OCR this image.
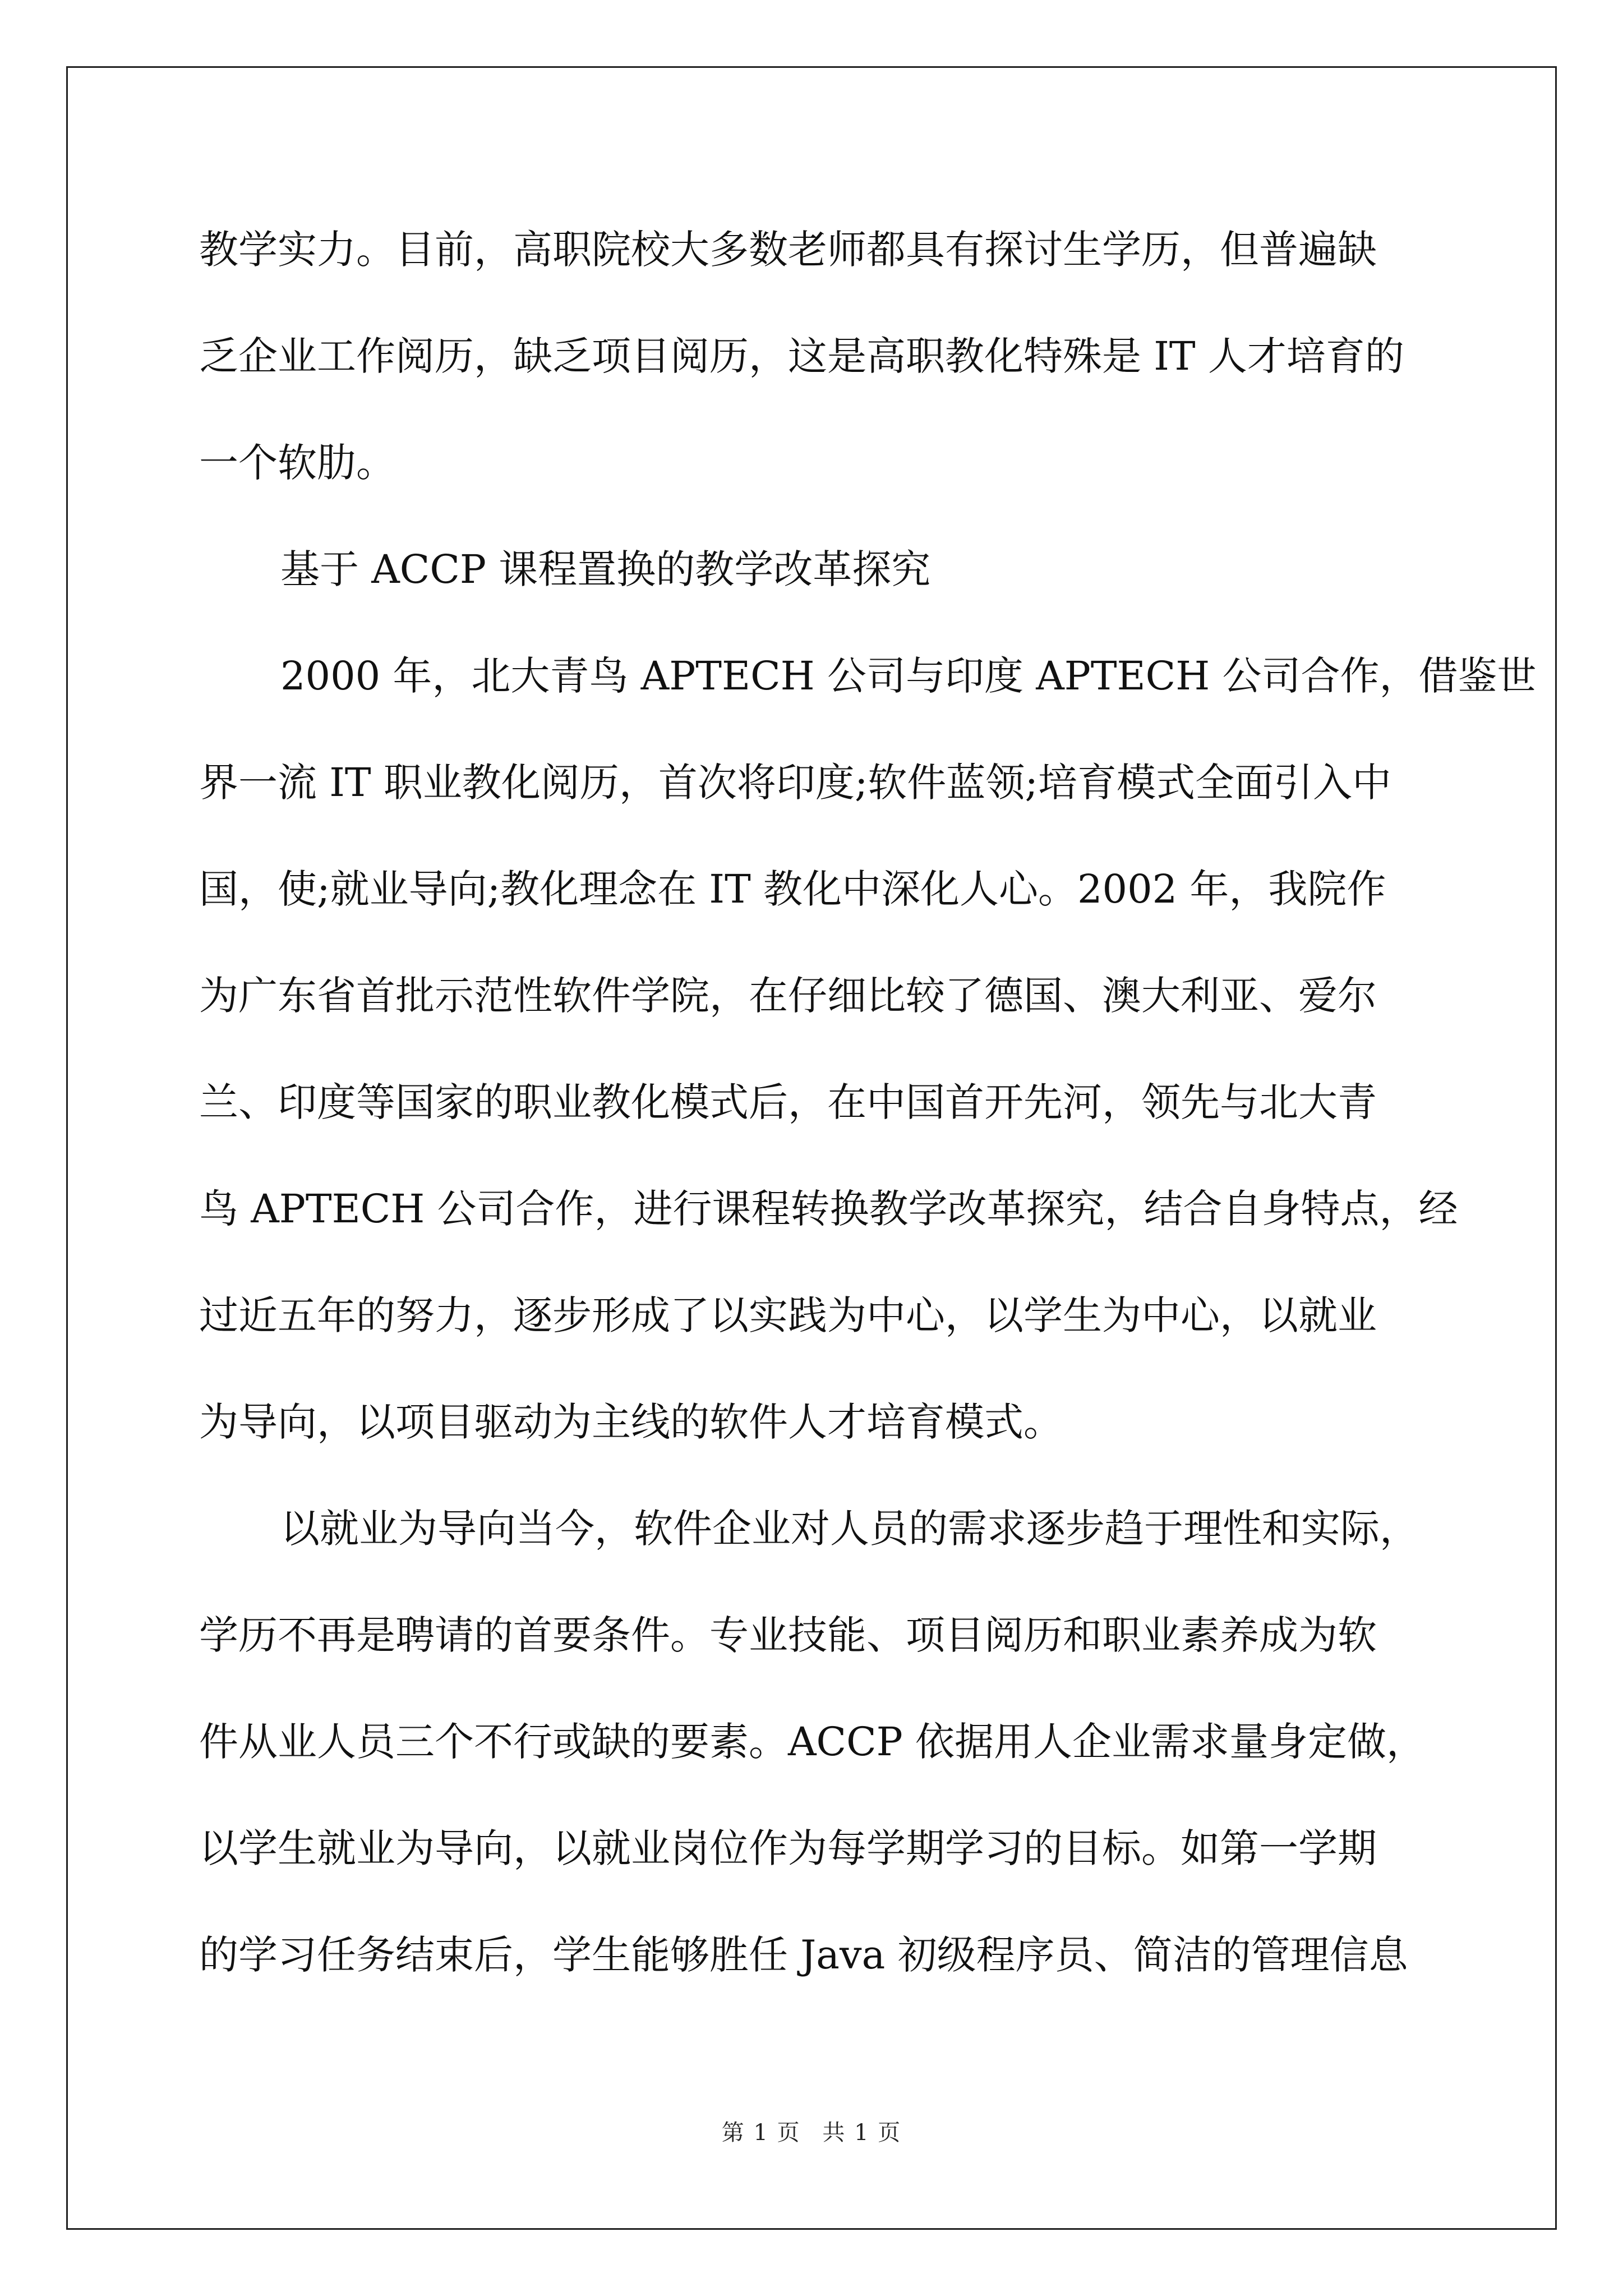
教学实力。目前，高职院校大多数老师都具有探讨生学历，但普遍缺
乏企业工作阅历，缺乏项目阅历，这是高职教化特殊是 IT 人才培育的
一个软肋。
基于 ACCP 课程置换的教学改革探究
2000 年，北大青鸟 APTECH 公司与印度 APTECH 公司合作，借鉴世
界一流 IT 职业教化阅历，首次将印度;软件蓝领;培育模式全面引入中
国，使;就业导向;教化理念在 IT 教化中深化人心。2002 年，我院作
为广东省首批示范性软件学院，在仔细比较了德国、澳大利亚、爱尔
兰、印度等国家的职业教化模式后，在中国首开先河，领先与北大青
鸟 APTECH 公司合作，进行课程转换教学改革探究，结合自身特点，经
过近五年的努力，逐步形成了以实践为中心，以学生为中心，以就业
为导向，以项目驱动为主线的软件人才培育模式。
以就业为导向当今，软件企业对人员的需求逐步趋于理性和实际，
学历不再是聘请的首要条件。专业技能、项目阅历和职业素养成为软
件从业人员三个不行或缺的要素。ACCP 依据用人企业需求量身定做，
以学生就业为导向，以就业岗位作为每学期学习的目标。如第一学期
的学习任务结束后，学生能够胜任 Java 初级程序员、简洁的管理信息
第 1 页 共 1 页
